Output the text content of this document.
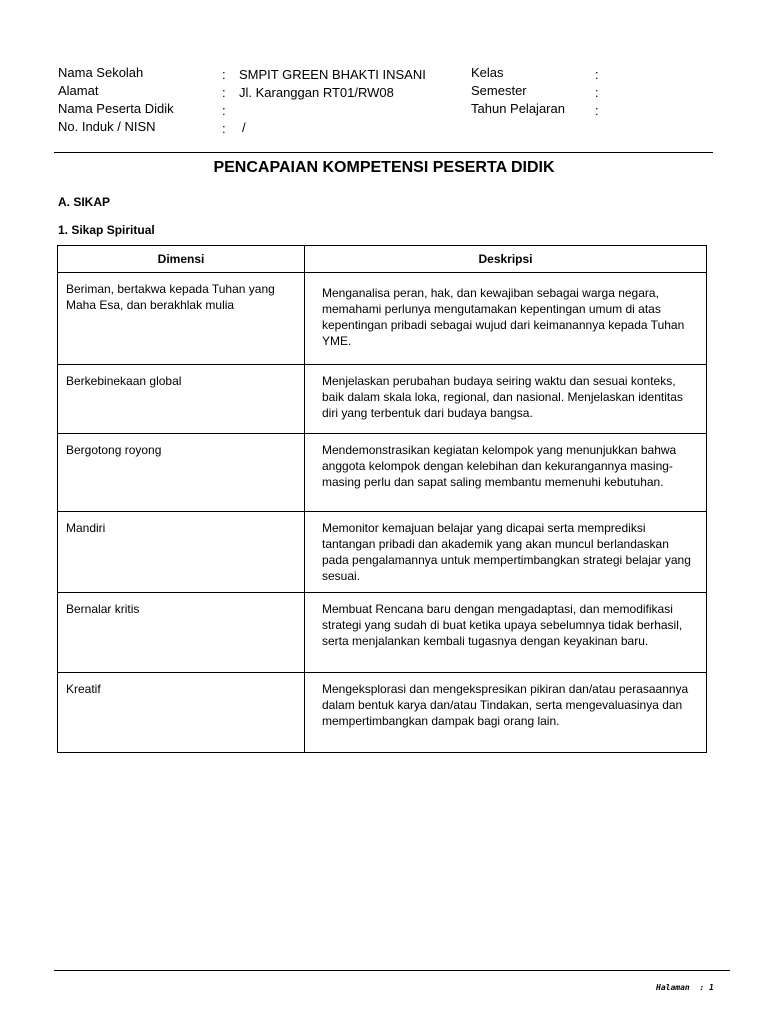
Nama Sekolah	: SMPIT GREEN BHAKTI INSANI
Alamat	: Jl. Karanggan RT01/RW08
Nama Peserta Didik	:
No. Induk / NISN	: /
Kelas	:
Semester	:
Tahun Pelajaran :
PENCAPAIAN KOMPETENSI PESERTA DIDIK
A. SIKAP
1. Sikap Spiritual
Dimensi	Deskripsi
Beriman, bertakwa kepada Tuhan yang Maha Esa, dan berakhlak mulia	Menganalisa peran, hak, dan kewajiban sebagai warga negara, memahami perlunya mengutamakan kepentingan umum di atas kepentingan pribadi sebagai wujud dari keimanannya kepada Tuhan YME.
Berkebinekaan global	Menjelaskan perubahan budaya seiring waktu dan sesuai konteks, baik dalam skala loka, regional, dan nasional. Menjelaskan identitas diri yang terbentuk dari budaya bangsa.
Bergotong royong	Mendemonstrasikan kegiatan kelompok yang menunjukkan bahwa anggota kelompok dengan kelebihan dan kekurangannya masing-masing perlu dan sapat saling membantu memenuhi kebutuhan.
Mandiri	Memonitor kemajuan belajar yang dicapai serta memprediksi tantangan pribadi dan akademik yang akan muncul berlandaskan pada pengalamannya untuk mempertimbangkan strategi belajar yang sesuai.
Bernalar kritis	Membuat Rencana baru dengan mengadaptasi, dan memodifikasi strategi yang sudah di buat ketika upaya sebelumnya tidak berhasil, serta menjalankan kembali tugasnya dengan keyakinan baru.
Kreatif	Mengeksplorasi dan mengekspresikan pikiran dan/atau perasaannya dalam bentuk karya dan/atau Tindakan, serta mengevaluasinya dan mempertimbangkan dampak bagi orang lain.
Halaman  : 1
